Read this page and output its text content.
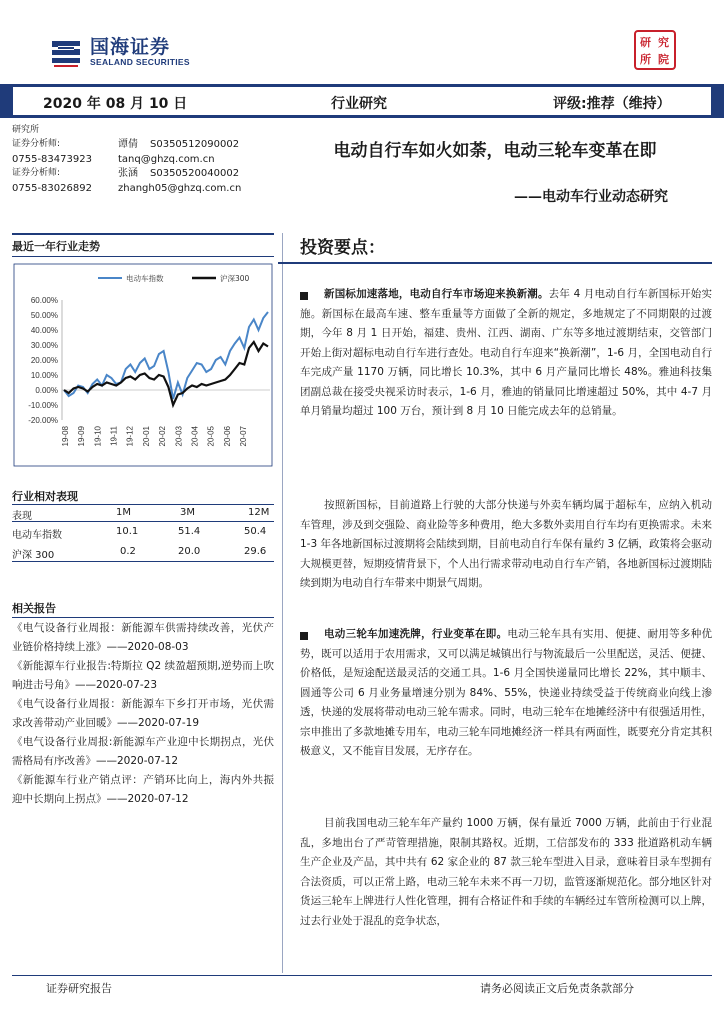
国海证券
SEALAND SECURITIES
研 究
所 院
2020 年 08 月 10 日	行业研究	评级:推荐（维持）
研究所
证券分析师:	谭倩 S0350512090002
0755-83473923	tanq@ghzq.com.cn
证券分析师:	张涵 S0350520040002
0755-83026892	zhangh05@ghzq.com.cn
电动自行车如火如荼，电动三轮车变革在即
——电动车行业动态研究
最近一年行业走势
电动车指数	沪深300
60.00%
50.00%
40.00%
30.00%
20.00%
10.00%
0.00%
-10.00%
-20.00%
19-08 19-09 19-10 19-11 19-12 20-01 20-02 20-03 20-04 20-05 20-06 20-07
行业相对表现
表现	1M	3M	12M
电动车指数	10.1	51.4	50.4
沪深 300	0.2	20.0	29.6
相关报告
《电气设备行业周报：新能源车供需持续改善，光伏产业链价格持续上涨》——2020-08-03
《新能源车行业报告:特斯拉 Q2 续盈超预期,逆势而上吹响进击号角》——2020-07-23
《电气设备行业周报：新能源车下乡打开市场，光伏需求改善带动产业回暖》——2020-07-19
《电气设备行业周报:新能源车产业迎中长期拐点，光伏需格局有序改善》——2020-07-12
《新能源车行业产销点评：产销环比向上，海内外共振迎中长期向上拐点》——2020-07-12
投资要点：
新国标加速落地，电动自行车市场迎来换新潮。去年 4 月电动自行车新国标开始实施。新国标在最高车速、整车重量等方面做了全新的规定，多地规定了不同期限的过渡期，今年 8 月 1 日开始，福建、贵州、江西、湖南、广东等多地过渡期结束，交管部门开始上街对超标电动自行车进行查处。电动自行车迎来“换新潮”，1-6 月，全国电动自行车完成产量 1170 万辆，同比增长 10.3%，其中 6 月产量同比增长 48%。雅迪科技集团副总裁在接受央视采访时表示，1-6 月，雅迪的销量同比增速超过 50%，其中 4-7 月单月销量均超过 100 万台，预计到 8 月 10 日能完成去年的总销量。
按照新国标，目前道路上行驶的大部分快递与外卖车辆均属于超标车，应纳入机动车管理，涉及到交强险、商业险等多种费用，绝大多数外卖用自行车均有更换需求。未来 1-3 年各地新国标过渡期将会陆续到期，目前电动自行车保有量约 3 亿辆，政策将会驱动大规模更替，短期疫情背景下，个人出行需求带动电动自行车产销，各地新国标过渡期陆续到期为电动自行车带来中期景气周期。
电动三轮车加速洗牌，行业变革在即。电动三轮车具有实用、便捷、耐用等多种优势，既可以适用于农用需求，又可以满足城镇出行与物流最后一公里配送，灵活、便捷、价格低，是短途配送最灵活的交通工具。1-6 月全国快递量同比增长 22%，其中顺丰、圆通等公司 6 月业务量增速分别为 84%、55%，快递业持续受益于传统商业向线上渗透，快递的发展将带动电动三轮车需求。同时，电动三轮车在地摊经济中有很强适用性，宗申推出了多款地摊专用车，电动三轮车同地摊经济一样具有两面性，既要充分肯定其积极意义，又不能盲目发展，无序存在。
目前我国电动三轮车年产量约 1000 万辆，保有量近 7000 万辆，此前由于行业混乱，多地出台了严苛管理措施，限制其路权。近期，工信部发布的 333 批道路机动车辆生产企业及产品，其中共有 62 家企业的 87 款三轮车型进入目录，意味着目录车型拥有合法资质，可以正常上路，电动三轮车未来不再一刀切，监管逐渐规范化。部分地区针对货运三轮车上牌进行人性化管理，拥有合格证件和手续的车辆经过车管所检测可以上牌，过去行业处于混乱的竞争状态，
证券研究报告	请务必阅读正文后免责条款部分
